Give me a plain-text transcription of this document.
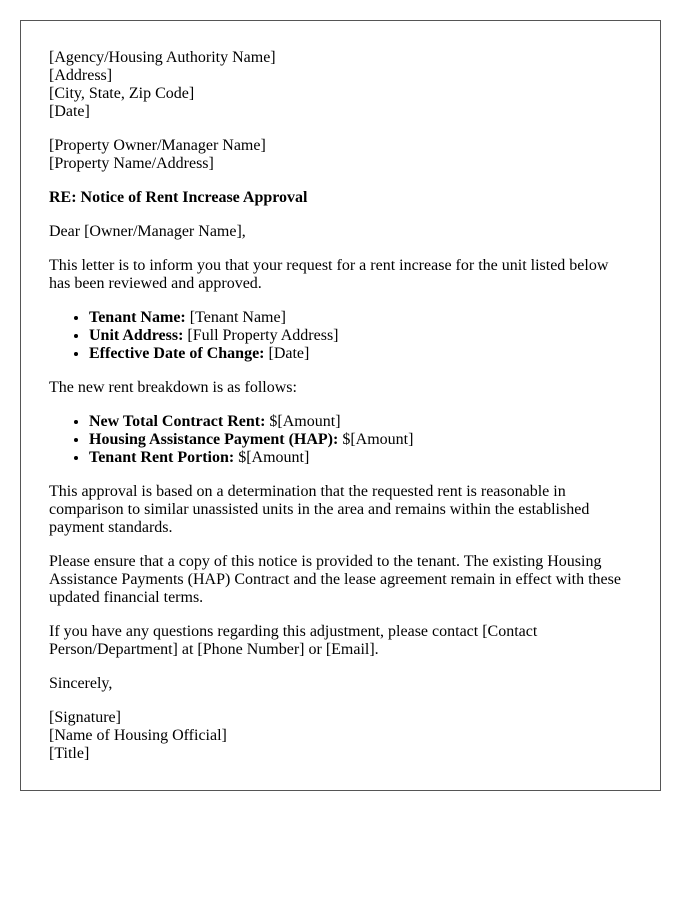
[Agency/Housing Authority Name]
[Address]
[City, State, Zip Code]
[Date]

[Property Owner/Manager Name]
[Property Name/Address]

RE: Notice of Rent Increase Approval

Dear [Owner/Manager Name],

This letter is to inform you that your request for a rent increase for the unit listed below has been reviewed and approved.

• Tenant Name: [Tenant Name]
• Unit Address: [Full Property Address]
• Effective Date of Change: [Date]

The new rent breakdown is as follows:

• New Total Contract Rent: $[Amount]
• Housing Assistance Payment (HAP): $[Amount]
• Tenant Rent Portion: $[Amount]

This approval is based on a determination that the requested rent is reasonable in comparison to similar unassisted units in the area and remains within the established payment standards.

Please ensure that a copy of this notice is provided to the tenant. The existing Housing Assistance Payments (HAP) Contract and the lease agreement remain in effect with these updated financial terms.

If you have any questions regarding this adjustment, please contact [Contact Person/Department] at [Phone Number] or [Email].

Sincerely,

[Signature]
[Name of Housing Official]
[Title]
